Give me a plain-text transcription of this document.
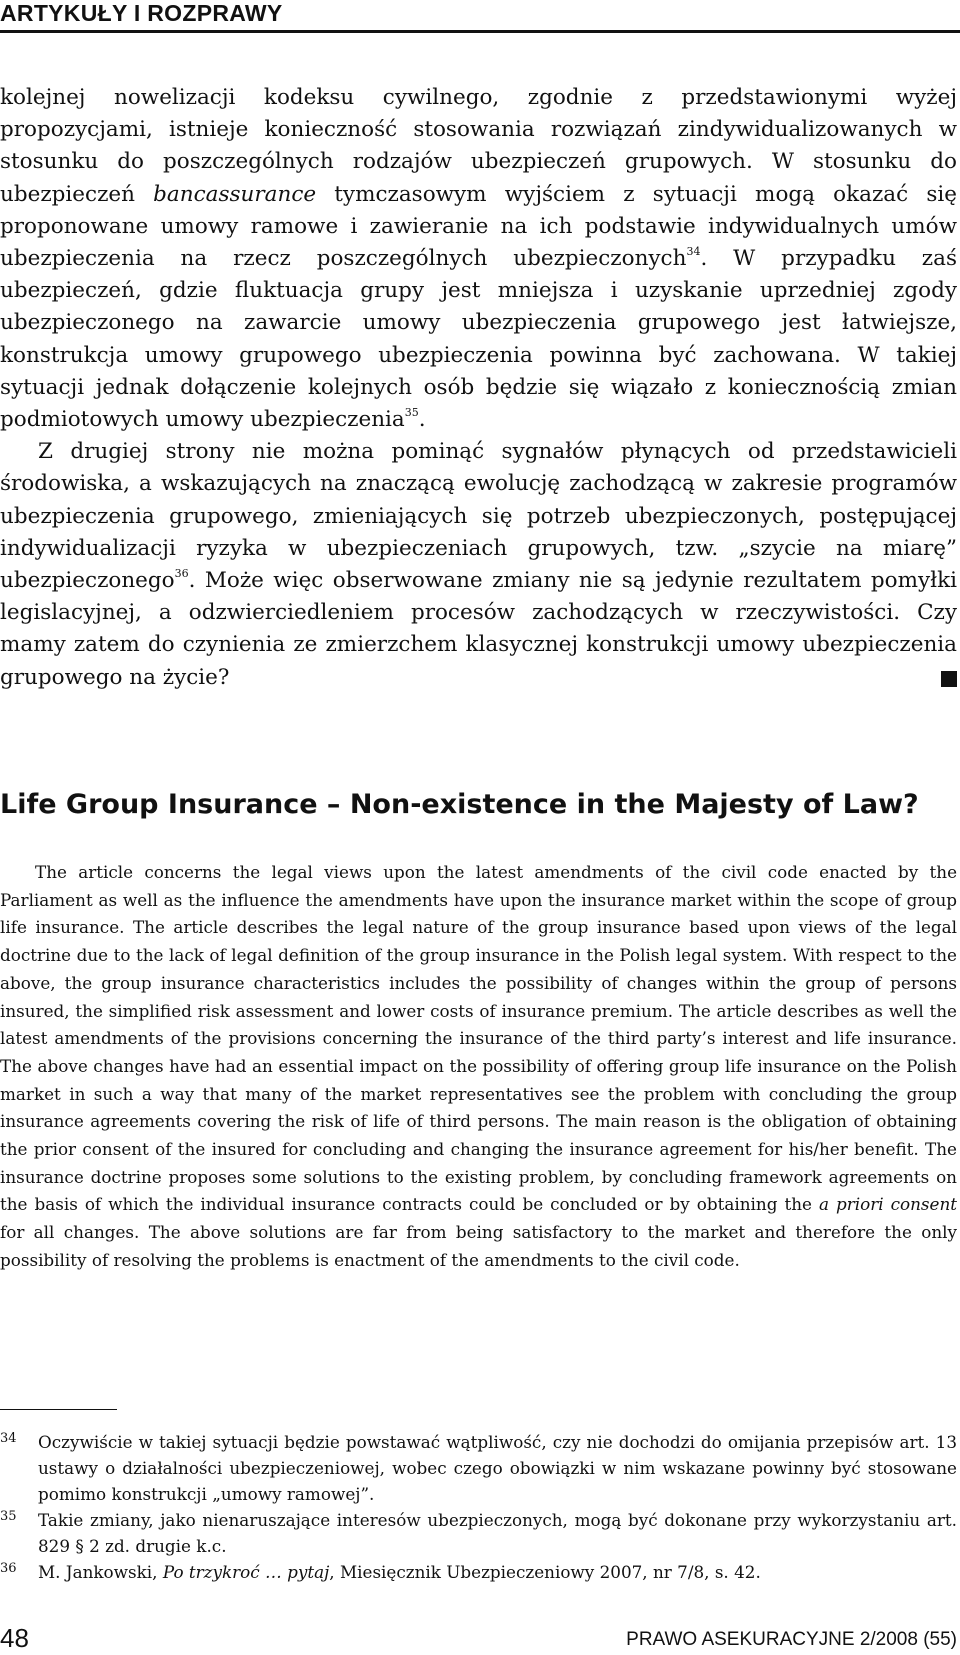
ARTYKUŁY I ROZPRAWY

kolejnej nowelizacji kodeksu cywilnego, zgodnie z przedstawionymi wyżej propozycjami, istnieje konieczność stosowania rozwiązań zindywidualizowanych w stosunku do poszczególnych rodzajów ubezpieczeń grupowych. W stosunku do ubezpieczeń bancassurance tymczasowym wyjściem z sytuacji mogą okazać się proponowane umowy ramowe i zawieranie na ich podstawie indywidualnych umów ubezpieczenia na rzecz poszczególnych ubezpieczonych$^{34}$. W przypadku zaś ubezpieczeń, gdzie fluktuacja grupy jest mniejsza i uzyskanie uprzedniej zgody ubezpieczonego na zawarcie umowy ubezpieczenia grupowego jest łatwiejsze, konstrukcja umowy grupowego ubezpieczenia powinna być zachowana. W takiej sytuacji jednak dołączenie kolejnych osób będzie się wiązało z koniecznością zmian podmiotowych umowy ubezpieczenia$^{35}$.

Z drugiej strony nie można pominąć sygnałów płynących od przedstawicieli środowiska, a wskazujących na znaczącą ewolucję zachodzącą w zakresie programów ubezpieczenia grupowego, zmieniających się potrzeb ubezpieczonych, postępującej indywidualizacji ryzyka w ubezpieczeniach grupowych, tzw. „szycie na miarę” ubezpieczonego$^{36}$. Może więc obserwowane zmiany nie są jedynie rezultatem pomyłki legislacyjnej, a odzwierciedleniem procesów zachodzących w rzeczywistości. Czy mamy zatem do czynienia ze zmierzchem klasycznej konstrukcji umowy ubezpieczenia grupowego na życie?

Life Group Insurance – Non-existence in the Majesty of Law?

The article concerns the legal views upon the latest amendments of the civil code enacted by the Parliament as well as the influence the amendments have upon the insurance market within the scope of group life insurance. The article describes the legal nature of the group insurance based upon views of the legal doctrine due to the lack of legal definition of the group insurance in the Polish legal system. With respect to the above, the group insurance characteristics includes the possibility of changes within the group of persons insured, the simplified risk assessment and lower costs of insurance premium. The article describes as well the latest amendments of the provisions concerning the insurance of the third party’s interest and life insurance. The above changes have had an essential impact on the possibility of offering group life insurance on the Polish market in such a way that many of the market representatives see the problem with concluding the group insurance agreements covering the risk of life of third persons. The main reason is the obligation of obtaining the prior consent of the insured for concluding and changing the insurance agreement for his/her benefit. The insurance doctrine proposes some solutions to the existing problem, by concluding framework agreements on the basis of which the individual insurance contracts could be concluded or by obtaining the a priori consent for all changes. The above solutions are far from being satisfactory to the market and therefore the only possibility of resolving the problems is enactment of the amendments to the civil code.

34	Oczywiście w takiej sytuacji będzie powstawać wątpliwość, czy nie dochodzi do omijania przepisów art. 13 ustawy o działalności ubezpieczeniowej, wobec czego obowiązki w nim wskazane powinny być stosowane pomimo konstrukcji „umowy ramowej”.
35	Takie zmiany, jako nienaruszające interesów ubezpieczonych, mogą być dokonane przy wykorzystaniu art. 829 § 2 zd. drugie k.c.
36	M. Jankowski, Po trzykroć … pytaj, Miesięcznik Ubezpieczeniowy 2007, nr 7/8, s. 42.
48	PRAWO ASEKURACYJNE 2/2008 (55)
